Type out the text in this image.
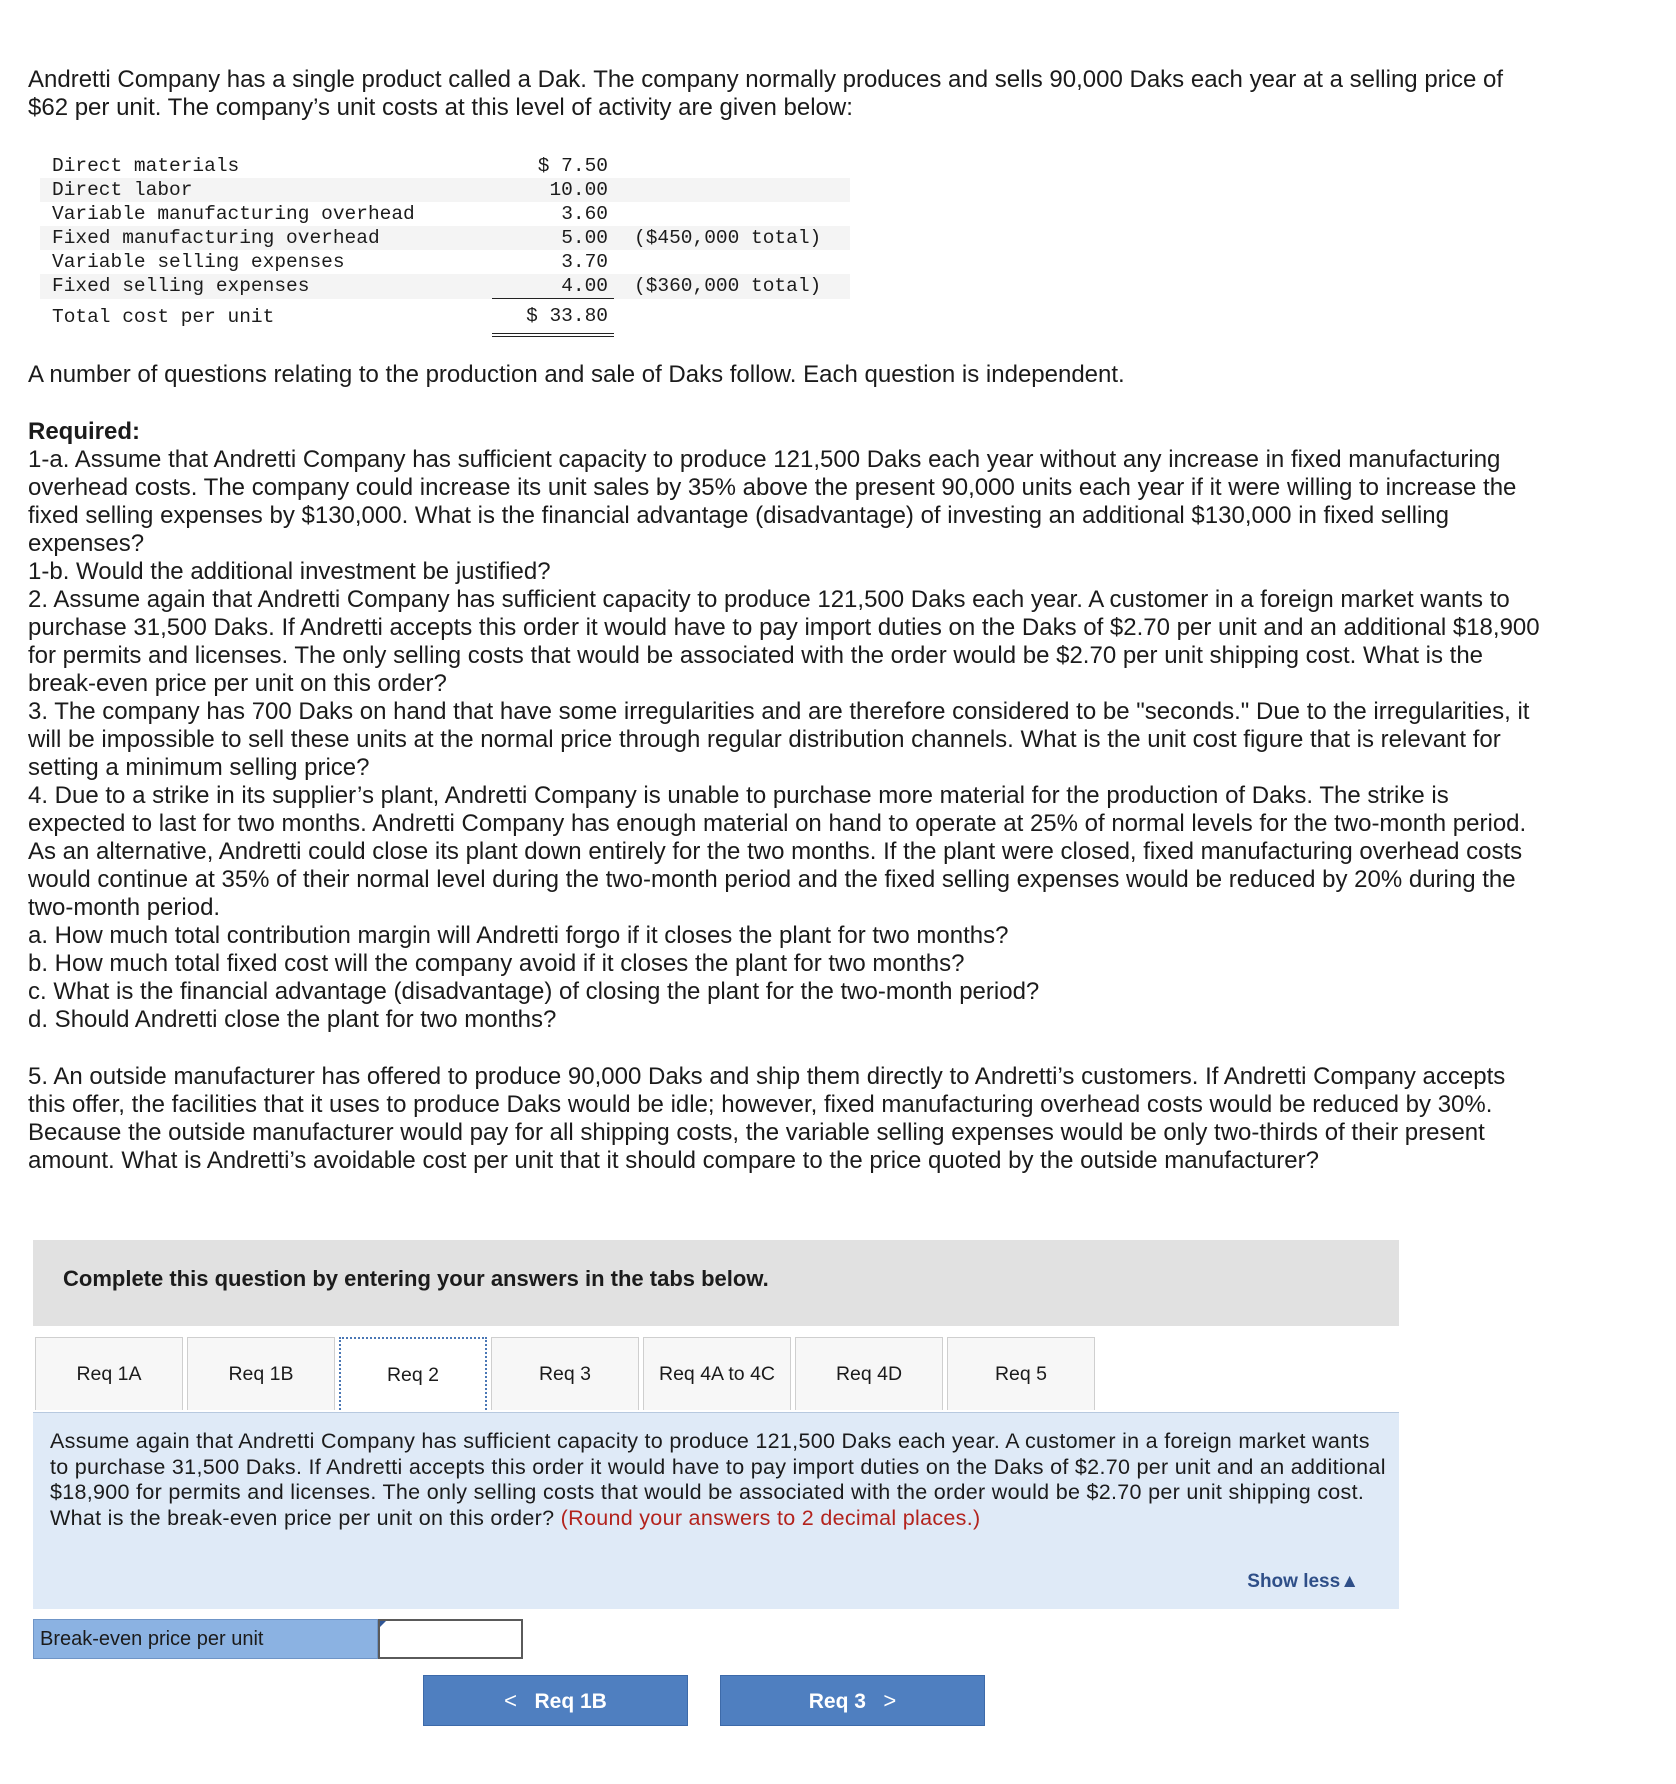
Andretti Company has a single product called a Dak. The company normally produces and sells 90,000 Daks each year at a selling price of $62 per unit. The company’s unit costs at this level of activity are given below:
Direct materials	$ 7.50	
Direct labor	10.00	
Variable manufacturing overhead	3.60	
Fixed manufacturing overhead	5.00	($450,000 total)
Variable selling expenses	3.70	
Fixed selling expenses	4.00	($360,000 total)
Total cost per unit	$ 33.80	
A number of questions relating to the production and sale of Daks follow. Each question is independent.
Required:
1-a. Assume that Andretti Company has sufficient capacity to produce 121,500 Daks each year without any increase in fixed manufacturing overhead costs. The company could increase its unit sales by 35% above the present 90,000 units each year if it were willing to increase the fixed selling expenses by $130,000. What is the financial advantage (disadvantage) of investing an additional $130,000 in fixed selling expenses?
1-b. Would the additional investment be justified?
2. Assume again that Andretti Company has sufficient capacity to produce 121,500 Daks each year. A customer in a foreign market wants to purchase 31,500 Daks. If Andretti accepts this order it would have to pay import duties on the Daks of $2.70 per unit and an additional $18,900 for permits and licenses. The only selling costs that would be associated with the order would be $2.70 per unit shipping cost. What is the break-even price per unit on this order?
3. The company has 700 Daks on hand that have some irregularities and are therefore considered to be "seconds." Due to the irregularities, it will be impossible to sell these units at the normal price through regular distribution channels. What is the unit cost figure that is relevant for setting a minimum selling price?
4. Due to a strike in its supplier’s plant, Andretti Company is unable to purchase more material for the production of Daks. The strike is expected to last for two months. Andretti Company has enough material on hand to operate at 25% of normal levels for the two-month period. As an alternative, Andretti could close its plant down entirely for the two months. If the plant were closed, fixed manufacturing overhead costs would continue at 35% of their normal level during the two-month period and the fixed selling expenses would be reduced by 20% during the two-month period.
a. How much total contribution margin will Andretti forgo if it closes the plant for two months?
b. How much total fixed cost will the company avoid if it closes the plant for two months?
c. What is the financial advantage (disadvantage) of closing the plant for the two-month period?
d. Should Andretti close the plant for two months?
5. An outside manufacturer has offered to produce 90,000 Daks and ship them directly to Andretti’s customers. If Andretti Company accepts this offer, the facilities that it uses to produce Daks would be idle; however, fixed manufacturing overhead costs would be reduced by 30%. Because the outside manufacturer would pay for all shipping costs, the variable selling expenses would be only two-thirds of their present amount. What is Andretti’s avoidable cost per unit that it should compare to the price quoted by the outside manufacturer?
Complete this question by entering your answers in the tabs below.
Req 1A	Req 1B	Req 2	Req 3	Req 4A to 4C	Req 4D	Req 5
Assume again that Andretti Company has sufficient capacity to produce 121,500 Daks each year. A customer in a foreign market wants to purchase 31,500 Daks. If Andretti accepts this order it would have to pay import duties on the Daks of $2.70 per unit and an additional $18,900 for permits and licenses. The only selling costs that would be associated with the order would be $2.70 per unit shipping cost. What is the break-even price per unit on this order? (Round your answers to 2 decimal places.)
Show less▲
Break-even price per unit
< Req 1B	Req 3 >
